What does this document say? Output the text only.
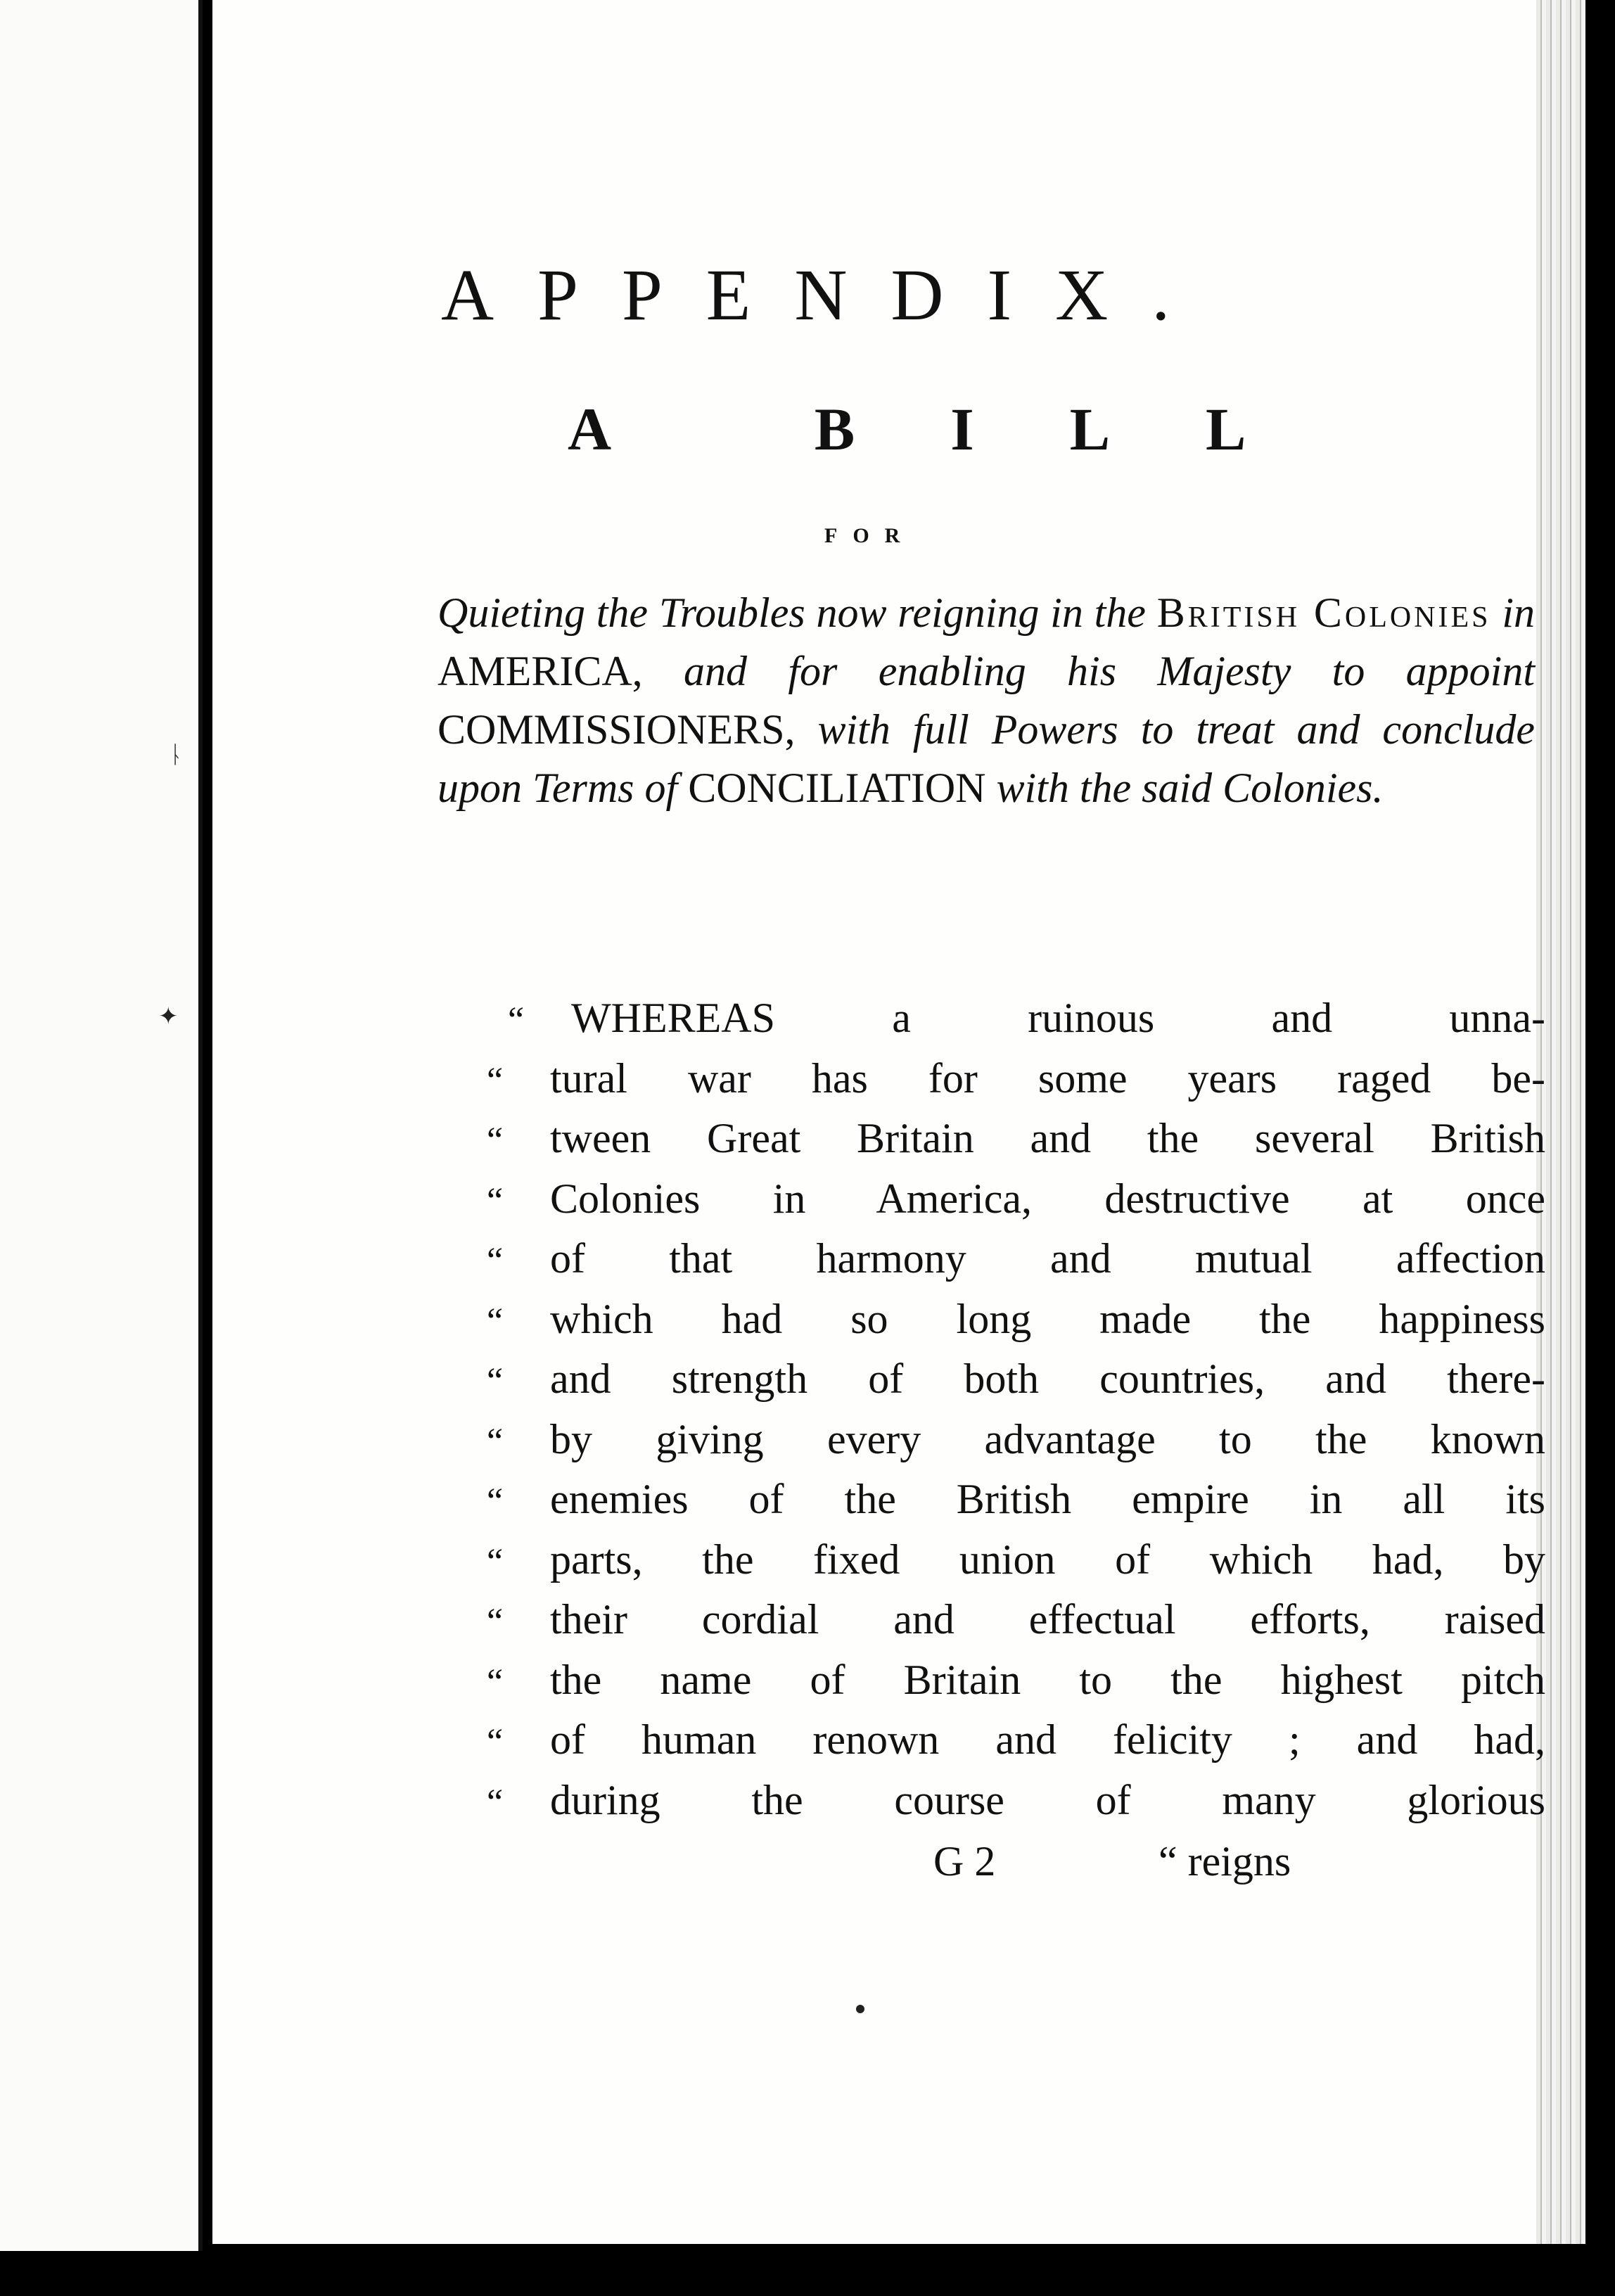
ᚿ
✦
APPENDIX.
A BILL
FOR
Quieting the Troubles now reigning in the British Colonies in AMERICA, and for enabling his Majesty to appoint COMMISSIONERS, with full Powers to treat and conclude upon Terms of CONCILIATION with the said Colonies.
“	WHEREAS a ruinous and unna-
“	tural war has for some years raged be-
“	tween Great Britain and the several British
“	Colonies in America, destructive at once
“	of that harmony and mutual affection
“	which had so long made the happiness
“	and strength of both countries, and there-
“	by giving every advantage to the known
“	enemies of the British empire in all its
“	parts, the fixed union of which had, by
“	their cordial and effectual efforts, raised
“	the name of Britain to the highest pitch
“	of human renown and felicity ; and had,
“	during the course of many glorious
G 2	“ reigns
